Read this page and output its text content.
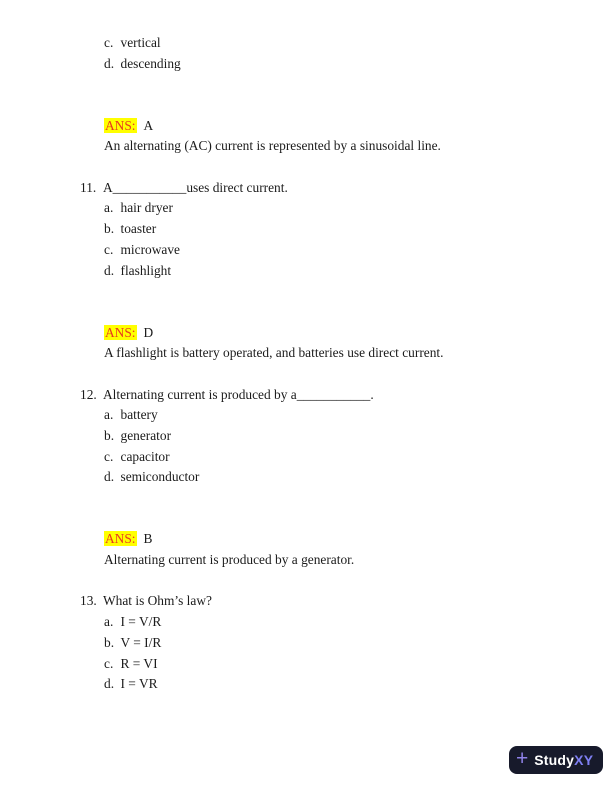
c. vertical
d. descending
ANS: A
An alternating (AC) current is represented by a sinusoidal line.
11. A___________uses direct current.
a. hair dryer
b. toaster
c. microwave
d. flashlight
ANS: D
A flashlight is battery operated, and batteries use direct current.
12. Alternating current is produced by a___________.
a. battery
b. generator
c. capacitor
d. semiconductor
ANS: B
Alternating current is produced by a generator.
13. What is Ohm’s law?
a. I = V/R
b. V = I/R
c. R = VI
d. I = VR
+ Study XY
